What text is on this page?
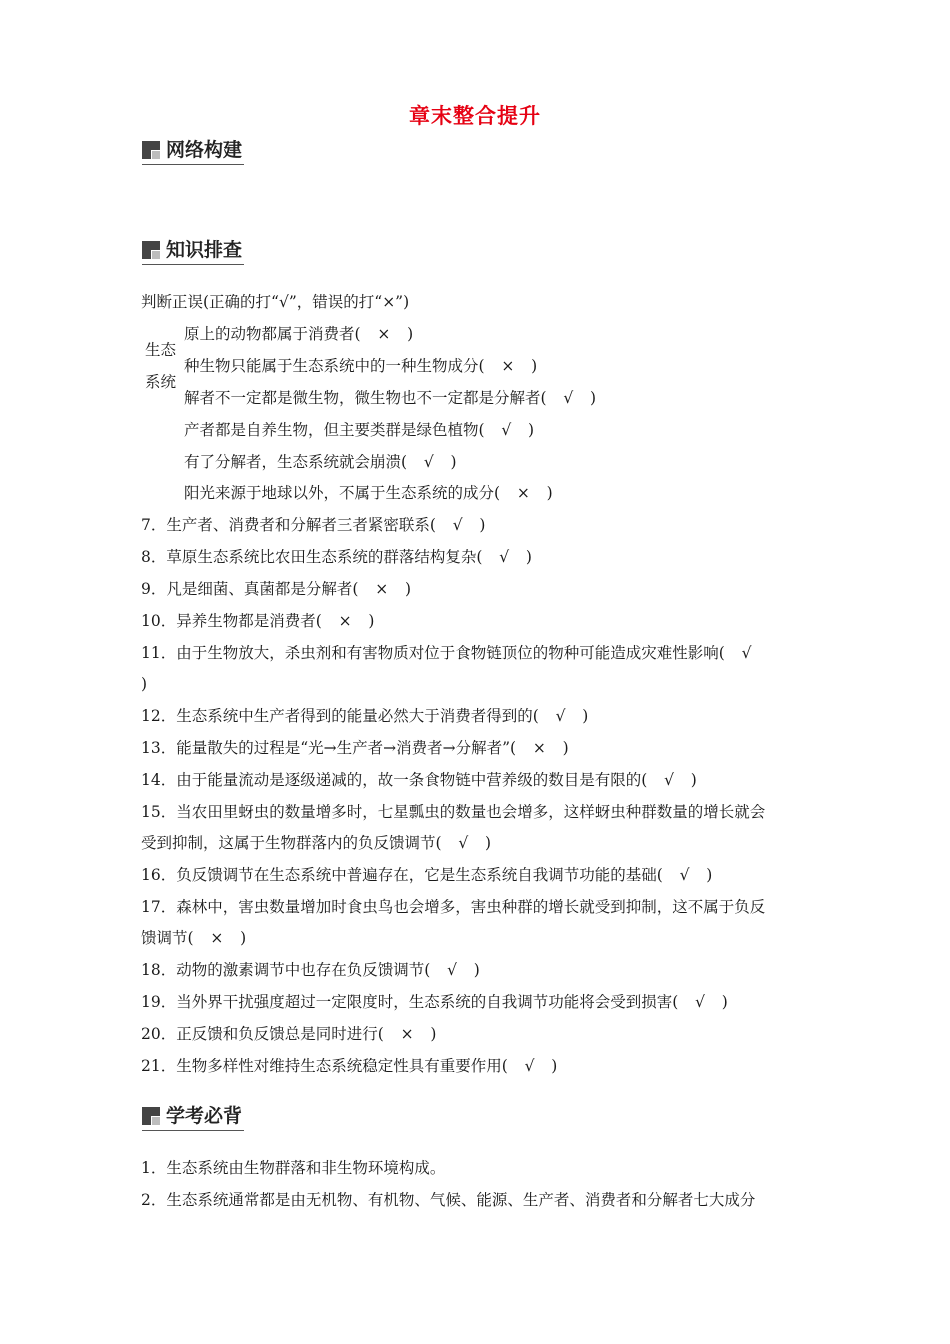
章末整合提升
网络构建
知识排查
判断正误(正确的打“√”，错误的打“×”)
原上的动物都属于消费者( × )
种生物只能属于生态系统中的一种生物成分( × )
解者不一定都是微生物，微生物也不一定都是分解者( √ )
产者都是自养生物，但主要类群是绿色植物( √ )
有了分解者，生态系统就会崩溃( √ )
阳光来源于地球以外，不属于生态系统的成分( × )
生态
系统
7．生产者、消费者和分解者三者紧密联系( √ )
8．草原生态系统比农田生态系统的群落结构复杂( √ )
9．凡是细菌、真菌都是分解者( × )
10．异养生物都是消费者( × )
11．由于生物放大，杀虫剂和有害物质对位于食物链顶位的物种可能造成灾难性影响( √
)
12．生态系统中生产者得到的能量必然大于消费者得到的( √ )
13．能量散失的过程是“光→生产者→消费者→分解者”( × )
14．由于能量流动是逐级递减的，故一条食物链中营养级的数目是有限的( √ )
15．当农田里蚜虫的数量增多时，七星瓢虫的数量也会增多，这样蚜虫种群数量的增长就会
受到抑制，这属于生物群落内的负反馈调节( √ )
16．负反馈调节在生态系统中普遍存在，它是生态系统自我调节功能的基础( √ )
17．森林中，害虫数量增加时食虫鸟也会增多，害虫种群的增长就受到抑制，这不属于负反
馈调节( × )
18．动物的激素调节中也存在负反馈调节( √ )
19．当外界干扰强度超过一定限度时，生态系统的自我调节功能将会受到损害( √ )
20．正反馈和负反馈总是同时进行( × )
21．生物多样性对维持生态系统稳定性具有重要作用( √ )
学考必背
1．生态系统由生物群落和非生物环境构成。
2．生态系统通常都是由无机物、有机物、气候、能源、生产者、消费者和分解者七大成分
